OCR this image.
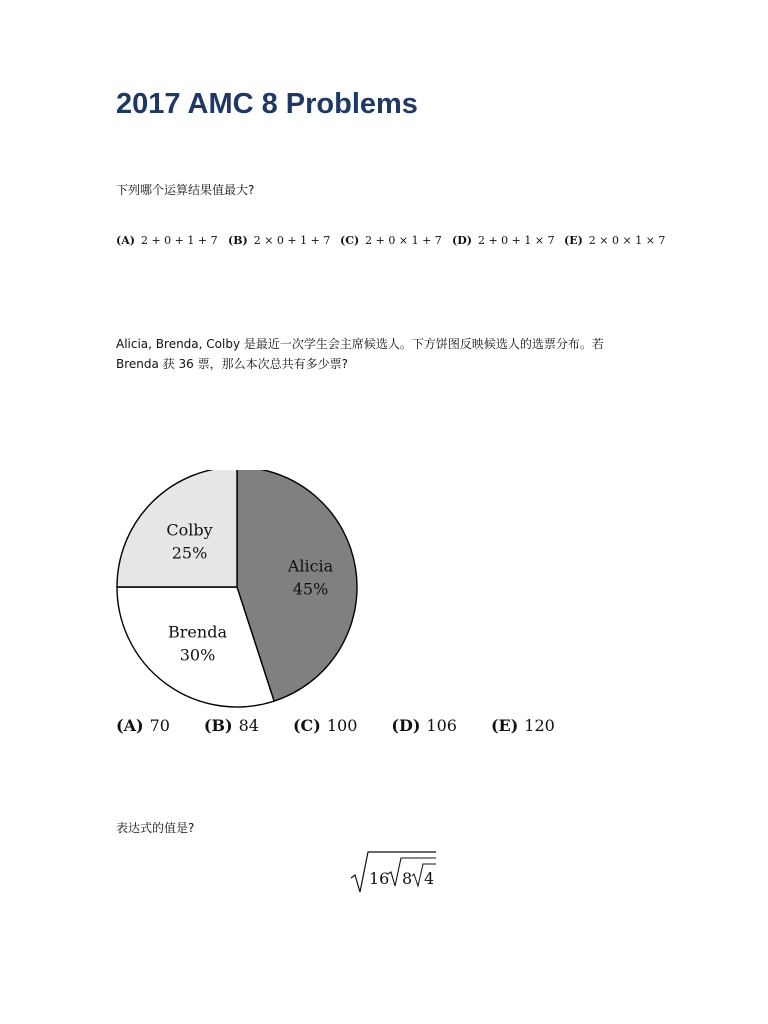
2017 AMC 8 Problems
下列哪个运算结果值最大?
(A) 2 + 0 + 1 + 7 (B) 2 × 0 + 1 + 7 (C) 2 + 0 × 1 + 7 (D) 2 + 0 + 1 × 7 (E) 2 × 0 × 1 × 7
Alicia, Brenda, Colby 是最近一次学生会主席候选人。下方饼图反映候选人的选票分布。若
Brenda 获 36 票，那么本次总共有多少票?
Alicia
45%
Brenda
30%
Colby
25%
(A) 70 (B) 84 (C) 100 (D) 106 (E) 120
表达式的值是?
16 8 4
